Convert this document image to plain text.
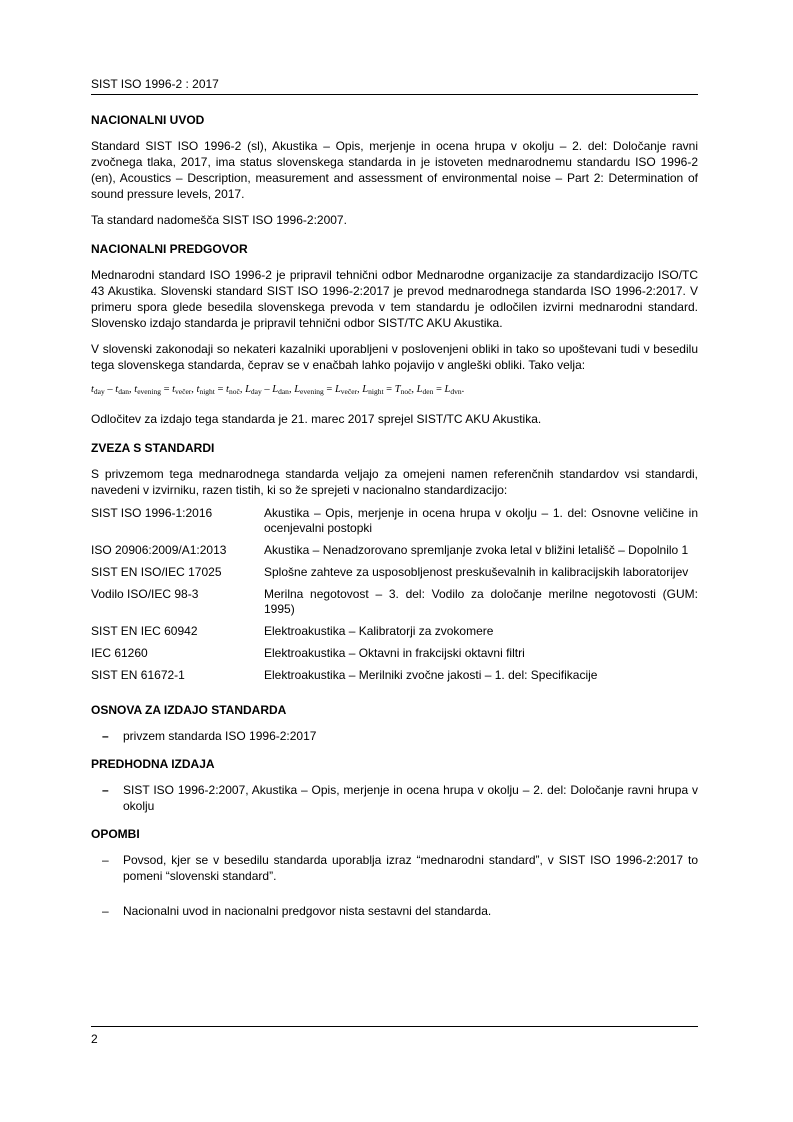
SIST ISO 1996-2 : 2017
NACIONALNI UVOD

Standard SIST ISO 1996-2 (sl), Akustika – Opis, merjenje in ocena hrupa v okolju – 2. del: Določanje ravni zvočnega tlaka, 2017, ima status slovenskega standarda in je istoveten mednarodnemu standardu ISO 1996-2 (en), Acoustics – Description, measurement and assessment of environmental noise – Part 2: Determination of sound pressure levels, 2017.

Ta standard nadomešča SIST ISO 1996-2:2007.

NACIONALNI PREDGOVOR

Mednarodni standard ISO 1996-2 je pripravil tehnični odbor Mednarodne organizacije za standardizacijo ISO/TC 43 Akustika. Slovenski standard SIST ISO 1996-2:2017 je prevod mednarodnega standarda ISO 1996-2:2017. V primeru spora glede besedila slovenskega prevoda v tem standardu je odločilen izvirni mednarodni standard. Slovensko izdajo standarda je pripravil tehnični odbor SIST/TC AKU Akustika.

V slovenski zakonodaji so nekateri kazalniki uporabljeni v poslovenjeni obliki in tako so upoštevani tudi v besedilu tega slovenskega standarda, čeprav se v enačbah lahko pojavijo v angleški obliki. Tako velja:

$t_{day} - t_{dan}$, $t_{evening} = t_{večer}$, $t_{night} = t_{noč}$, $L_{day} - L_{dan}$, $L_{evening} = L_{večer}$, $L_{night} = T_{noč}$, $L_{den} = L_{dvn}$.

Odločitev za izdajo tega standarda je 21. marec 2017 sprejel SIST/TC AKU Akustika.

ZVEZA S STANDARDI

S privzemom tega mednarodnega standarda veljajo za omejeni namen referenčnih standardov vsi standardi, navedeni v izvirniku, razen tistih, ki so že sprejeti v nacionalno standardizacijo:

SIST ISO 1996-1:2016	Akustika – Opis, merjenje in ocena hrupa v okolju – 1. del: Osnovne veličine in ocenjevalni postopki
ISO 20906:2009/A1:2013	Akustika – Nenadzorovano spremljanje zvoka letal v bližini letališč – Dopolnilo 1
SIST EN ISO/IEC 17025	Splošne zahteve za usposobljenost preskuševalnih in kalibracijskih laboratorijev
Vodilo ISO/IEC 98-3	Merilna negotovost – 3. del: Vodilo za določanje merilne negotovosti (GUM: 1995)
SIST EN IEC 60942	Elektroakustika – Kalibratorji za zvokomere
IEC 61260	Elektroakustika – Oktavni in frakcijski oktavni filtri
SIST EN 61672-1	Elektroakustika – Merilniki zvočne jakosti – 1. del: Specifikacije
OSNOVA ZA IZDAJO STANDARDA
– privzem standarda ISO 1996-2:2017
PREDHODNA IZDAJA
– SIST ISO 1996-2:2007, Akustika – Opis, merjenje in ocena hrupa v okolju – 2. del: Določanje ravni hrupa v okolju
OPOMBI
– Povsod, kjer se v besedilu standarda uporablja izraz “mednarodni standard”, v SIST ISO 1996-2:2017 to pomeni “slovenski standard”.
– Nacionalni uvod in nacionalni predgovor nista sestavni del standarda.
2
